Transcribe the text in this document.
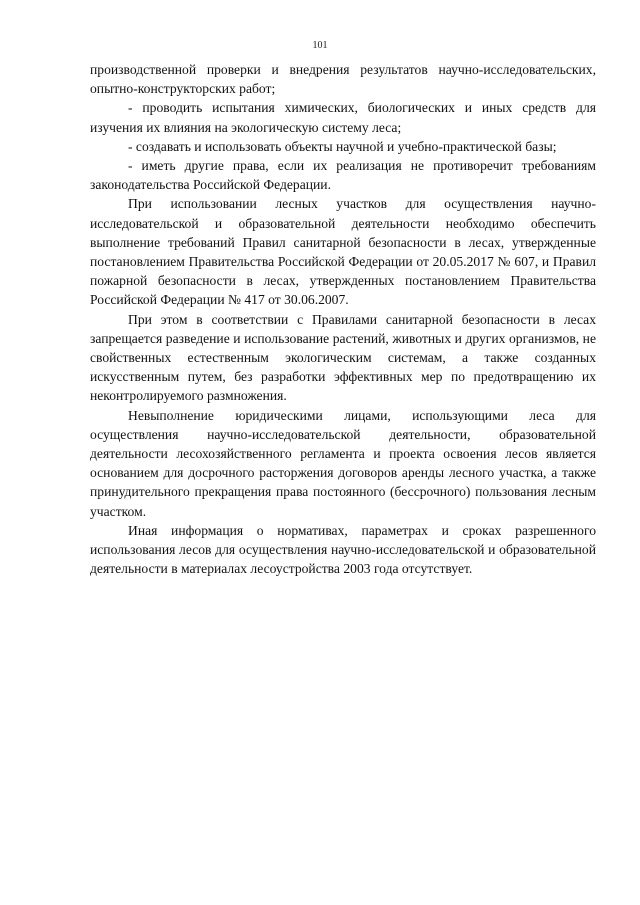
101

производственной проверки и внедрения результатов научно-исследовательских, опытно-конструкторских работ;

- проводить испытания химических, биологических и иных средств для изучения их влияния на экологическую систему леса;

- создавать и использовать объекты научной и учебно-практической базы;

- иметь другие права, если их реализация не противоречит требованиям законодательства Российской Федерации.

При использовании лесных участков для осуществления научно-исследовательской и образовательной деятельности необходимо обеспечить выполнение требований Правил санитарной безопасности в лесах, утвержденные постановлением Правительства Российской Федерации от 20.05.2017 № 607, и Правил пожарной безопасности в лесах, утвержденных постановлением Правительства Российской Федерации № 417 от 30.06.2007.

При этом в соответствии с Правилами санитарной безопасности в лесах запрещается разведение и использование растений, животных и других организмов, не свойственных естественным экологическим системам, а также созданных искусственным путем, без разработки эффективных мер по предотвращению их неконтролируемого размножения.

Невыполнение юридическими лицами, использующими леса для осуществления научно-исследовательской деятельности, образовательной деятельности лесохозяйственного регламента и проекта освоения лесов является основанием для досрочного расторжения договоров аренды лесного участка, а также принудительного прекращения права постоянного (бессрочного) пользования лесным участком.

Иная информация о нормативах, параметрах и сроках разрешенного использования лесов для осуществления научно-исследовательской и образовательной деятельности в материалах лесоустройства 2003 года отсутствует.
